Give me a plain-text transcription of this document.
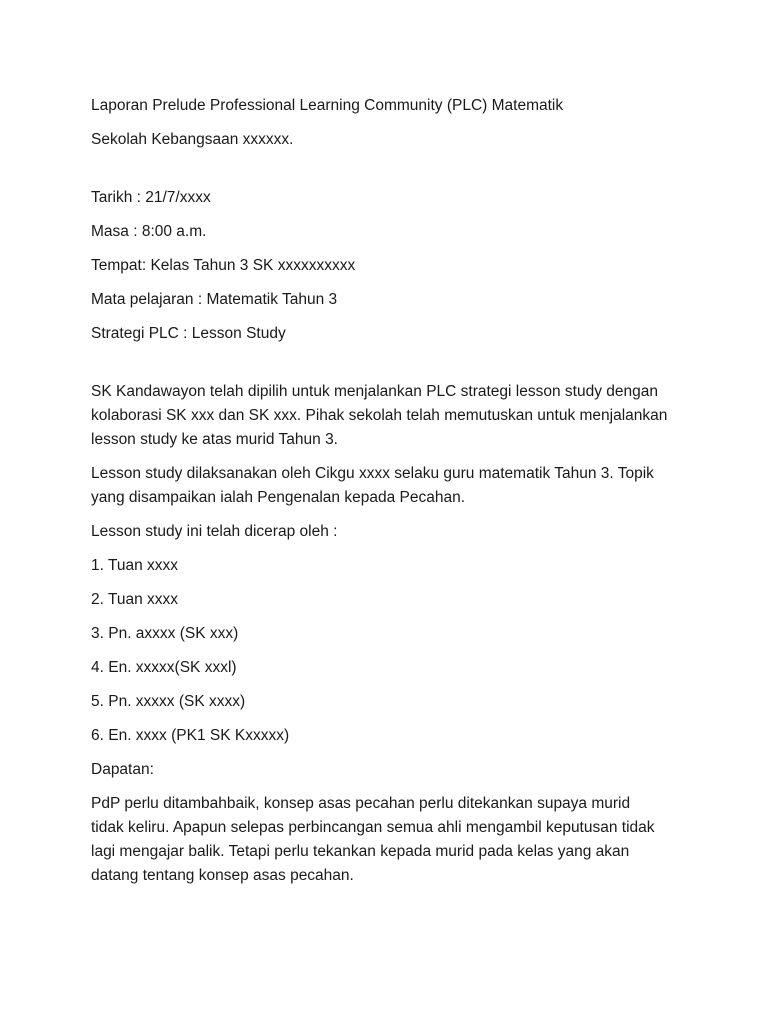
Laporan Prelude Professional Learning Community (PLC) Matematik

Sekolah Kebangsaan xxxxxx.

Tarikh : 21/7/xxxx

Masa : 8:00 a.m.

Tempat: Kelas Tahun 3 SK xxxxxxxxxx

Mata pelajaran : Matematik Tahun 3

Strategi PLC : Lesson Study

SK Kandawayon telah dipilih untuk menjalankan PLC strategi lesson study dengan
kolaborasi SK xxx dan SK xxx. Pihak sekolah telah memutuskan untuk menjalankan
lesson study ke atas murid Tahun 3.
Lesson study dilaksanakan oleh Cikgu xxxx selaku guru matematik Tahun 3. Topik
yang disampaikan ialah Pengenalan kepada Pecahan.

Lesson study ini telah dicerap oleh :

1. Tuan xxxx

2. Tuan xxxx

3. Pn. axxxx (SK xxx)

4. En. xxxxx(SK xxxl)

5. Pn. xxxxx (SK xxxx)

6. En. xxxx (PK1 SK Kxxxxx)

Dapatan:

PdP perlu ditambahbaik, konsep asas pecahan perlu ditekankan supaya murid
tidak keliru. Apapun selepas perbincangan semua ahli mengambil keputusan tidak
lagi mengajar balik. Tetapi perlu tekankan kepada murid pada kelas yang akan
datang tentang konsep asas pecahan.
